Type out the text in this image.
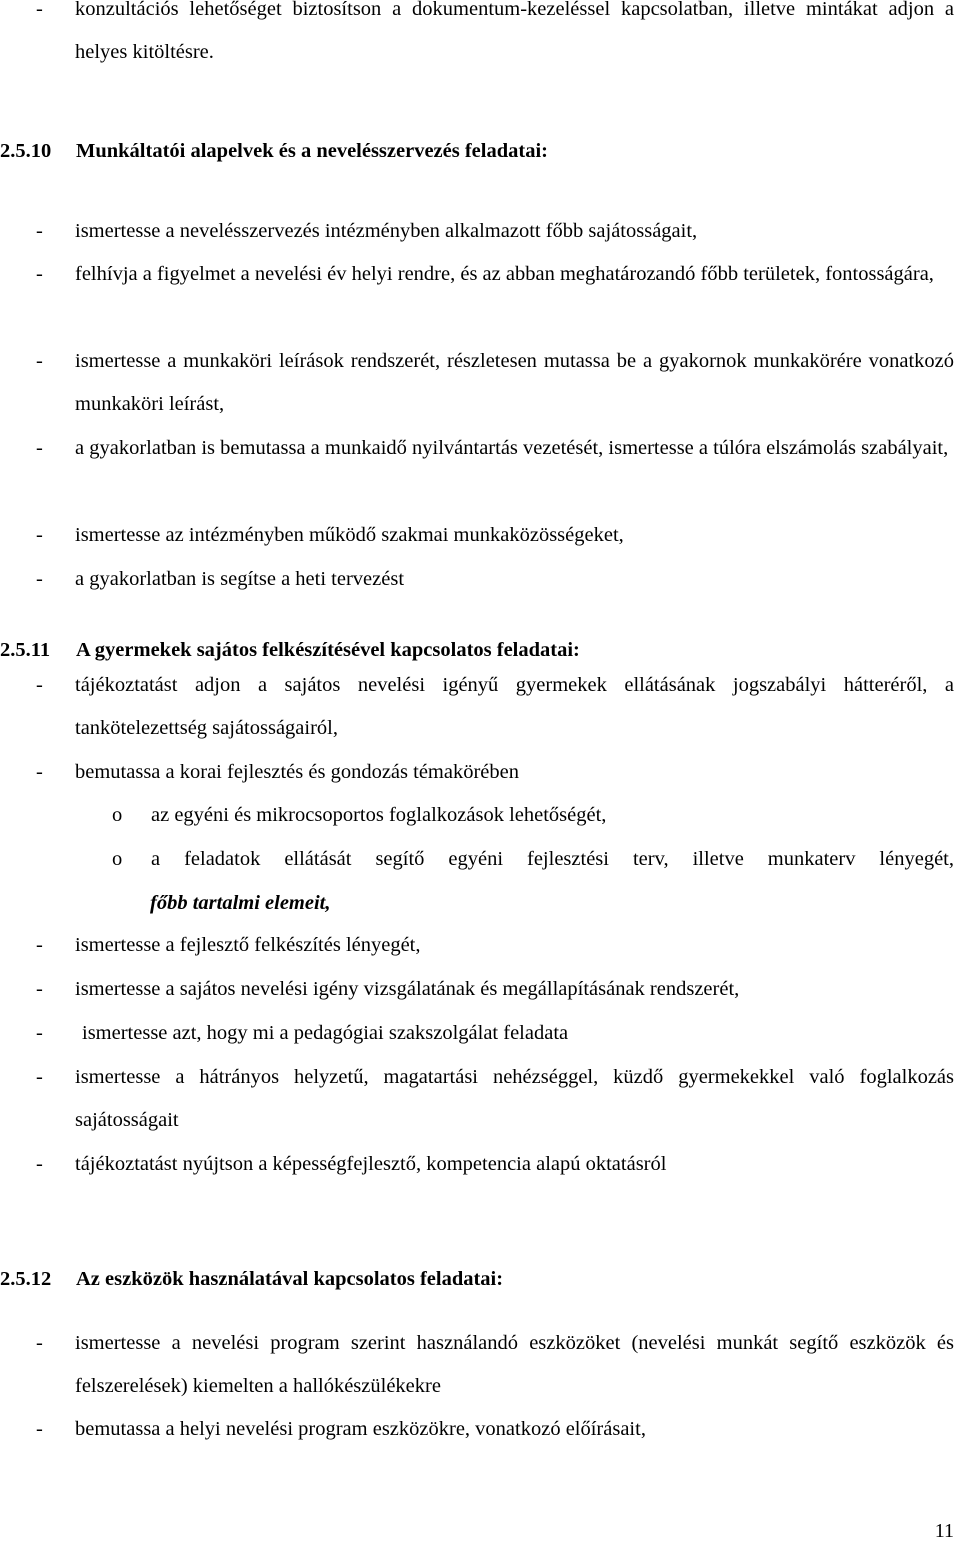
- konzultációs lehetőséget biztosítson a dokumentum-kezeléssel kapcsolatban, illetve mintákat adjon a helyes kitöltésre.
2.5.10 Munkáltatói alapelvek és a nevelésszervezés feladatai:
- ismertesse a nevelésszervezés intézményben alkalmazott főbb sajátosságait,
- felhívja a figyelmet a nevelési év helyi rendre, és az abban meghatározandó főbb területek, fontosságára,
- ismertesse a munkaköri leírások rendszerét, részletesen mutassa be a gyakornok munkakörére vonatkozó munkaköri leírást,
- a gyakorlatban is bemutassa a munkaidő nyilvántartás vezetését, ismertesse a túlóra elszámolás szabályait,
- ismertesse az intézményben működő szakmai munkaközösségeket,
- a gyakorlatban is segítse a heti tervezést
2.5.11 A gyermekek sajátos felkészítésével kapcsolatos feladatai:
- tájékoztatást adjon a sajátos nevelési igényű gyermekek ellátásának jogszabályi hátteréről, a tankötelezettség sajátosságairól,
- bemutassa a korai fejlesztés és gondozás témakörében
o az egyéni és mikrocsoportos foglalkozások lehetőségét,
o a feladatok ellátását segítő egyéni fejlesztési terv, illetve munkaterv lényegét,
főbb tartalmi elemeit,
- ismertesse a fejlesztő felkészítés lényegét,
- ismertesse a sajátos nevelési igény vizsgálatának és megállapításának rendszerét,
- ismertesse azt, hogy mi a pedagógiai szakszolgálat feladata
- ismertesse a hátrányos helyzetű, magatartási nehézséggel, küzdő gyermekekkel való foglalkozás sajátosságait
- tájékoztatást nyújtson a képességfejlesztő, kompetencia alapú oktatásról
2.5.12 Az eszközök használatával kapcsolatos feladatai:
- ismertesse a nevelési program szerint használandó eszközöket (nevelési munkát segítő eszközök és felszerelések) kiemelten a hallókészülékekre
- bemutassa a helyi nevelési program eszközökre, vonatkozó előírásait,
11
